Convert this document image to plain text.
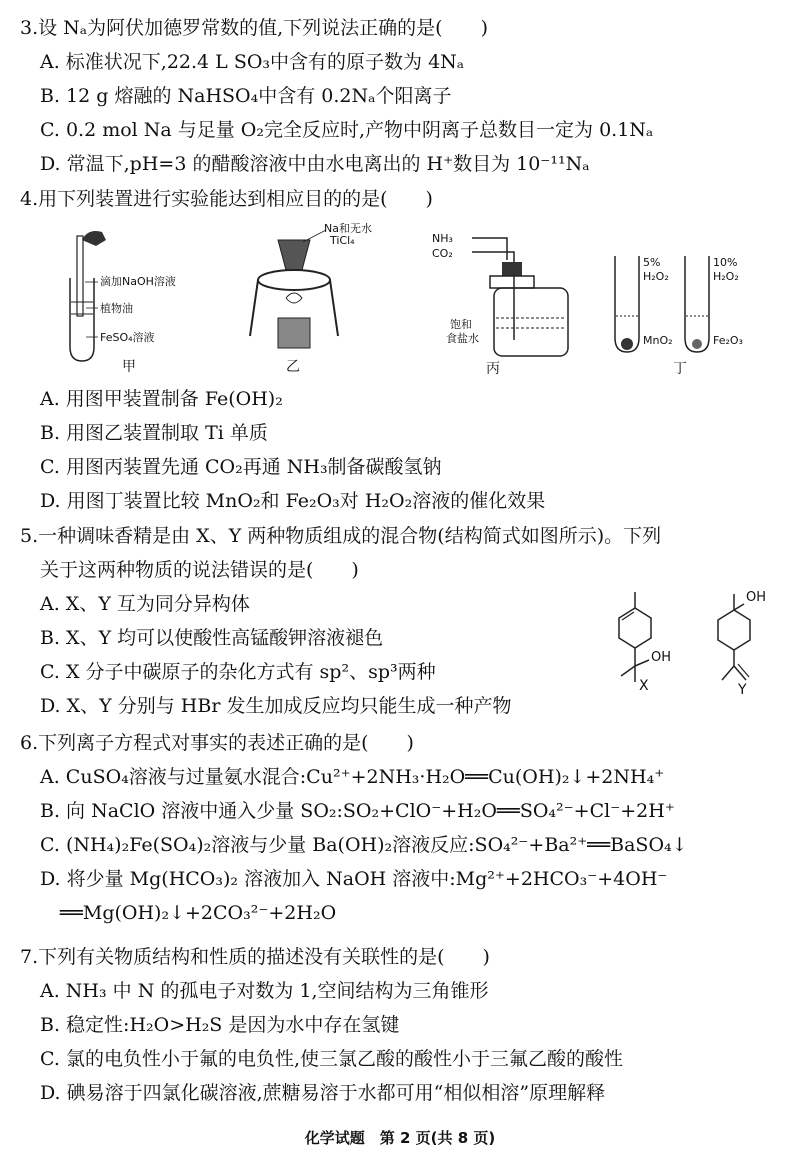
3.设 Nₐ为阿伏加德罗常数的值,下列说法正确的是(　　)
A. 标准状况下,22.4 L SO₃中含有的原子数为 4Nₐ
B. 12 g 熔融的 NaHSO₄中含有 0.2Nₐ个阳离子
C. 0.2 mol Na 与足量 O₂完全反应时,产物中阴离子总数目一定为 0.1Nₐ
D. 常温下,pH=3 的醋酸溶液中由水电离出的 H⁺数目为 10⁻¹¹Nₐ
4.用下列装置进行实验能达到相应目的的是(　　)
滴加NaOH溶液
植物油
FeSO₄溶液
甲
Na和无水
TiCl₄
乙
NH₃
CO₂
饱和
食盐水
丙
5%
H₂O₂
MnO₂
10%
H₂O₂
Fe₂O₃
丁
A. 用图甲装置制备 Fe(OH)₂
B. 用图乙装置制取 Ti 单质
C. 用图丙装置先通 CO₂再通 NH₃制备碳酸氢钠
D. 用图丁装置比较 MnO₂和 Fe₂O₃对 H₂O₂溶液的催化效果
5.一种调味香精是由 X、Y 两种物质组成的混合物(结构简式如图所示)。下列
关于这两种物质的说法错误的是(　　)
A. X、Y 互为同分异构体
B. X、Y 均可以使酸性高锰酸钾溶液褪色
C. X 分子中碳原子的杂化方式有 sp²、sp³两种
D. X、Y 分别与 HBr 发生加成反应均只能生成一种产物
OH
X
OH
Y
6.下列离子方程式对事实的表述正确的是(　　)
A. CuSO₄溶液与过量氨水混合:Cu²⁺+2NH₃·H₂O══Cu(OH)₂↓+2NH₄⁺
B. 向 NaClO 溶液中通入少量 SO₂:SO₂+ClO⁻+H₂O══SO₄²⁻+Cl⁻+2H⁺
C. (NH₄)₂Fe(SO₄)₂溶液与少量 Ba(OH)₂溶液反应:SO₄²⁻+Ba²⁺══BaSO₄↓
D. 将少量 Mg(HCO₃)₂ 溶液加入 NaOH 溶液中:Mg²⁺+2HCO₃⁻+4OH⁻
══Mg(OH)₂↓+2CO₃²⁻+2H₂O
7.下列有关物质结构和性质的描述没有关联性的是(　　)
A. NH₃ 中 N 的孤电子对数为 1,空间结构为三角锥形
B. 稳定性:H₂O>H₂S 是因为水中存在氢键
C. 氯的电负性小于氟的电负性,使三氯乙酸的酸性小于三氟乙酸的酸性
D. 碘易溶于四氯化碳溶液,蔗糖易溶于水都可用“相似相溶”原理解释
化学试题　第 2 页(共 8 页)
